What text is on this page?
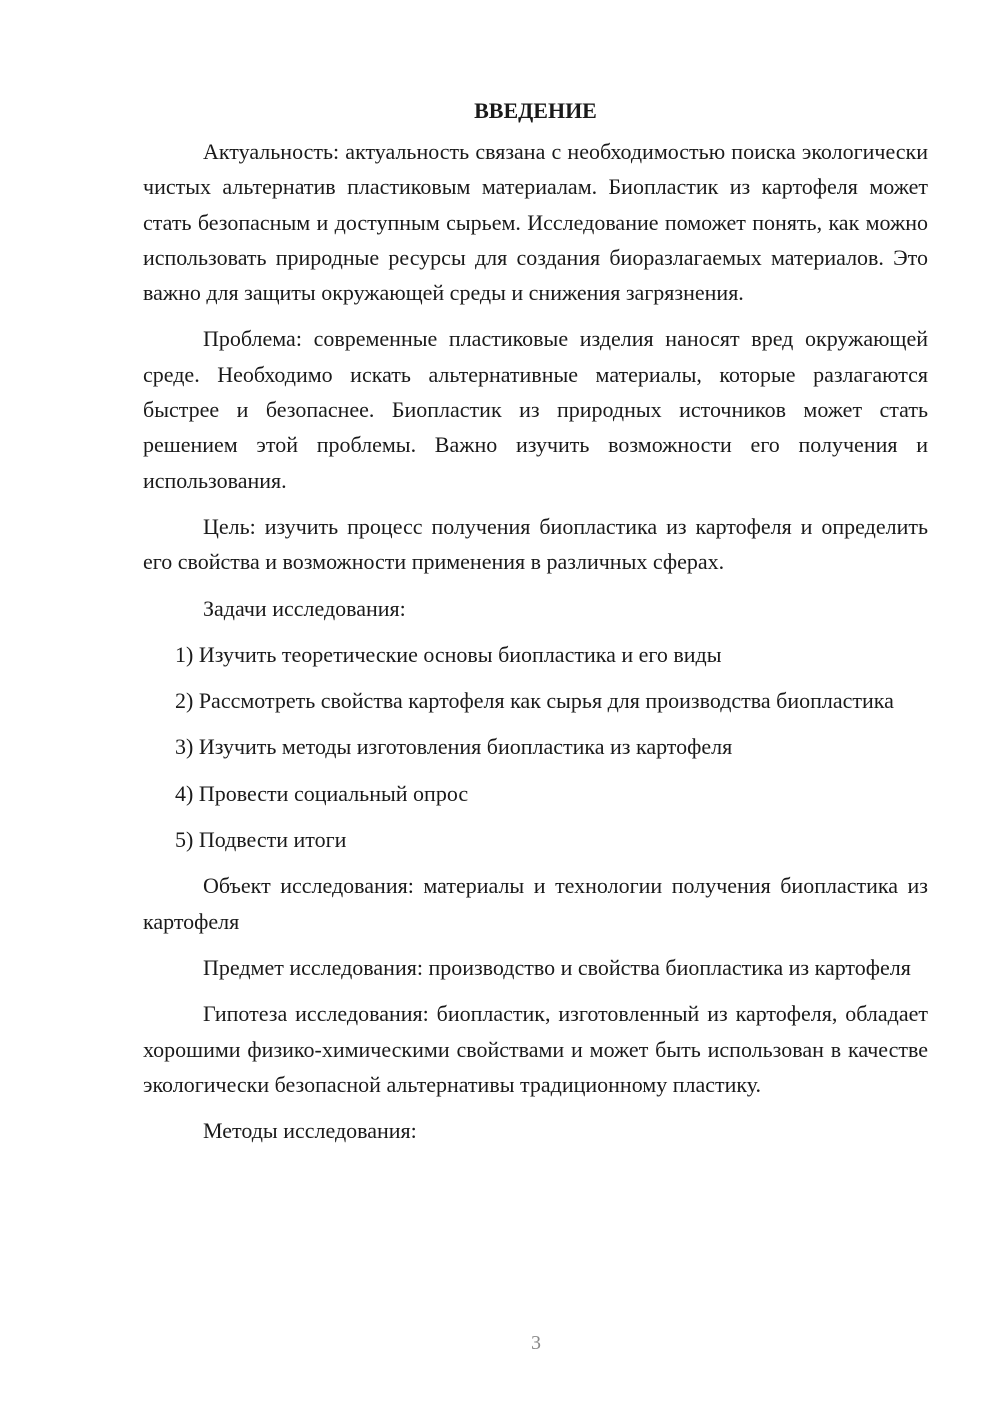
ВВЕДЕНИЕ

Актуальность: актуальность связана с необходимостью поиска экологически чистых альтернатив пластиковым материалам. Биопластик из картофеля может стать безопасным и доступным сырьем. Исследование поможет понять, как можно использовать природные ресурсы для создания биоразлагаемых материалов. Это важно для защиты окружающей среды и снижения загрязнения.

Проблема: современные пластиковые изделия наносят вред окружающей среде. Необходимо искать альтернативные материалы, которые разлагаются быстрее и безопаснее. Биопластик из природных источников может стать решением этой проблемы. Важно изучить возможности его получения и использования.

Цель: изучить процесс получения биопластика из картофеля и определить его свойства и возможности применения в различных сферах.

Задачи исследования:

1) Изучить теоретические основы биопластика и его виды

2) Рассмотреть свойства картофеля как сырья для производства биопластика

3) Изучить методы изготовления биопластика из картофеля

4) Провести социальный опрос

5) Подвести итоги

Объект исследования: материалы и технологии получения биопластика из картофеля

Предмет исследования: производство и свойства биопластика из картофеля

Гипотеза исследования: биопластик, изготовленный из картофеля, обладает хорошими физико-химическими свойствами и может быть использован в качестве экологически безопасной альтернативы традиционному пластику.

Методы исследования:

3
